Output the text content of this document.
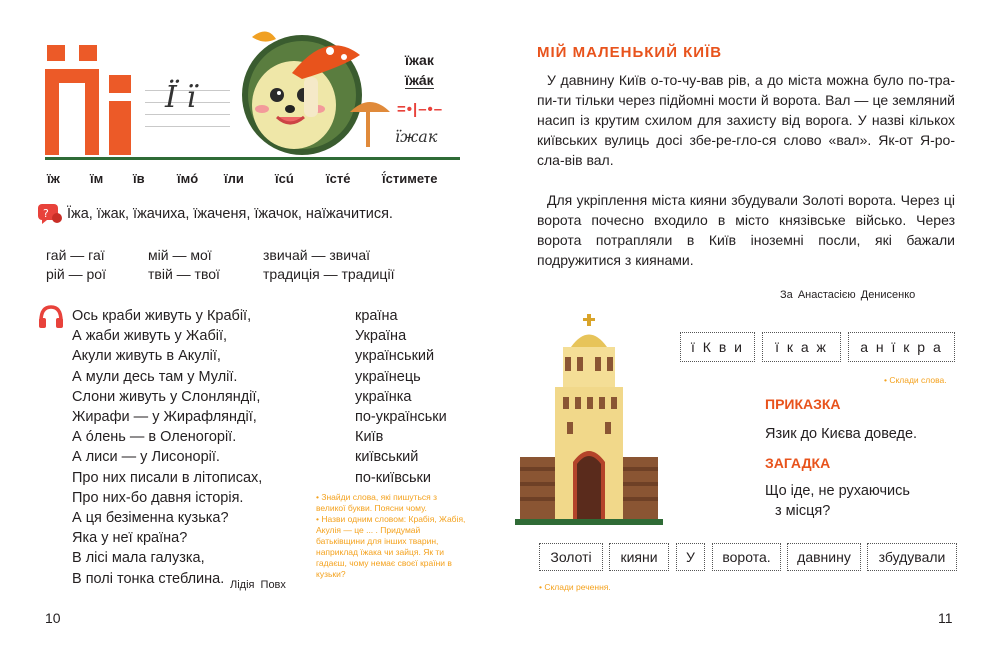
Ї ї
їжак
їжáк
=•|–•–
їжак
їж їм їв їмó їли їсú їсте́ ї́стимете
? Їжа, їжак, їжачиха, їжаченя, їжачок, наїжачитися.
гай — гаї	мій — мої	звичай — звичаї
рій — рої	твій — твої	традиція — традиції
Ось краби живуть у Крабії,
А жаби живуть у Жабії,
Акули живуть в Акулії,
А мули десь там у Мулії.
Слони живуть у Слонляндії,
Жирафи — у Жирафляндії,
А óлень — в Оленогорії.
А лиси — у Лисонорії.
Про них писали в літописах,
Про них-бо давня історія.
А ця безіменна кузька?
Яка у неї країна?
В лісі мала галузка,
В полі тонка стеблина. Лідія Повх
країна
Україна
український
українець
українка
по-українськи
Київ
київський
по-київськи
• Знайди слова, які пишуться з великої букви. Поясни чому.
• Назви одним словом: Крабія, Жабія, Акулія — це ... . Придумай батьківщини для інших тварин, наприклад їжака чи зайця. Як ти гадаєш, чому немає своєї країни в кузьки?
10
МІЙ МАЛЕНЬКИЙ КИЇВ
У давнину Київ о-то-чу-вав рів, а до міста можна було по-тра-пи-ти тільки через підйомні мости й ворота. Вал — це земляний насип із крутим схилом для захисту від ворога. У назві кількох київських вулиць досі збе-ре-гло-ся слово «вал». Як-от Я-ро-сла-вів вал.
Для укріплення міста кияни збудували Золоті ворота. Через ці ворота почесно входило в місто князівське військо. Через ворота потрапляли в Київ іноземні посли, які бажали подружитися з киянами.
За Анастасією Денисенко
ї К в и	ї к а ж	а н ї к р а
• Склади слова.
ПРИКАЗКА
Язик до Києва доведе.
ЗАГАДКА
Що іде, не рухаючись
з місця?
Золоті	кияни	У	ворота.	давнину	збудували
• Склади речення.
11
